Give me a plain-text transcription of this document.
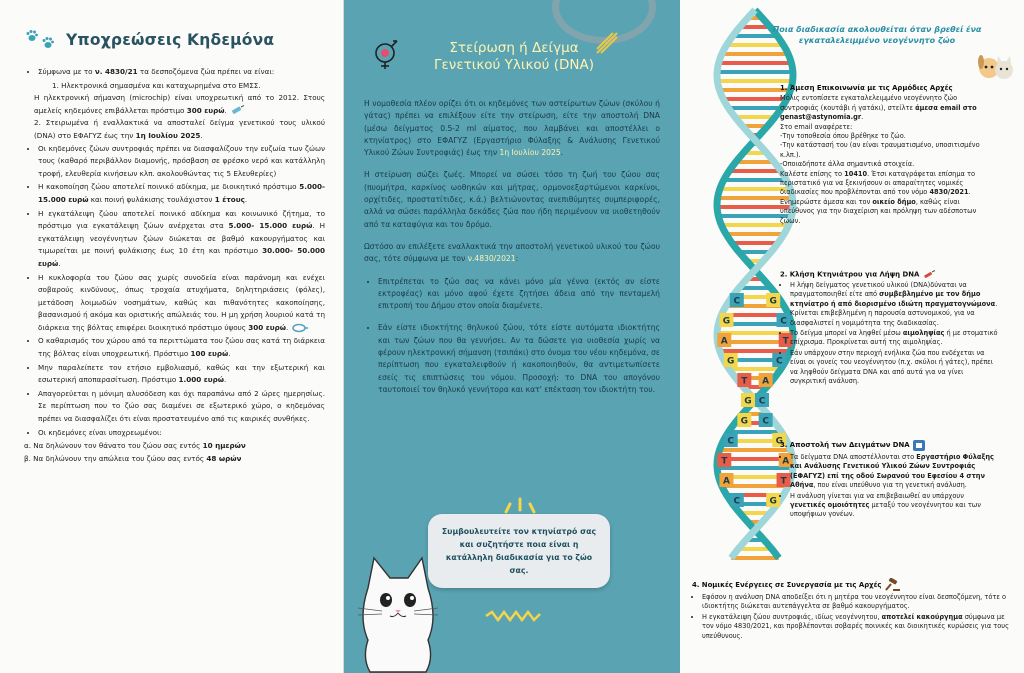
Υποχρεώσεις Κηδεμόνα
• Σύμφωνα με το ν. 4830/21 τα δεσποζόμενα ζώα πρέπει να είναι:

1. Ηλεκτρονικά σημασμένα και καταχωρημένα στο ΕΜΣΣ.

Η ηλεκτρονική σήμανση (microchip) είναι υποχρεωτική από το 2012. Στους αμελείς κηδεμόνες επιβάλλεται πρόστιμο 300 ευρώ.

2. Στειρωμένα ή εναλλακτικά να αποσταλεί δείγμα γενετικού τους υλικού (DNA) στο ΕΦΑΓΥΖ έως την 1η Ιουλίου 2025.

• Οι κηδεμόνες ζώων συντροφιάς πρέπει να διασφαλίζουν την ευζωία των ζώων τους (καθαρό περιβάλλον διαμονής, πρόσβαση σε φρέσκο νερό και κατάλληλη τροφή, ελευθερία κινήσεων κλπ. ακολουθώντας τις 5 Ελευθερίες)
• Η κακοποίηση ζώου αποτελεί ποινικό αδίκημα, με διοικητικό πρόστιμο 5.000- 15.000 ευρώ και ποινή φυλάκισης τουλάχιστον 1 έτους.
• Η εγκατάλειψη ζώου αποτελεί ποινικό αδίκημα και κοινωνικό ζήτημα, το πρόστιμο για εγκατάλειψη ζώων ανέρχεται στα 5.000- 15.000 ευρώ. Η εγκατάλειψη νεογέννητων ζώων διώκεται σε βαθμό κακουργήματος και τιμωρείται με ποινή φυλάκισης έως 10 έτη και πρόστιμο 30.000- 50.000 ευρώ.
• Η κυκλοφορία του ζώου σας χωρίς συνοδεία είναι παράνομη και ενέχει σοβαρούς κινδύνους, όπως τροχαία ατυχήματα, δηλητηριάσεις (φόλες), μετάδοση λοιμωδών νοσημάτων, καθώς και πιθανότητες κακοποίησης, βασανισμού ή ακόμα και οριστικής απώλειάς του. Η μη χρήση λουριού κατά τη διάρκεια της βόλτας επιφέρει διοικητικό πρόστιμο ύψους 300 ευρώ.
• Ο καθαρισμός του χώρου από τα περιττώματα του ζώου σας κατά τη διάρκεια της βόλτας είναι υποχρεωτική. Πρόστιμο 100 ευρώ.
• Μην παραλείπετε τον ετήσιο εμβολιασμό, καθώς και την εξωτερική και εσωτερική αποπαρασίτωση. Πρόστιμο 1.000 ευρώ.
• Απαγορεύεται η μόνιμη αλυσόδεση και όχι παραπάνω από 2 ώρες ημερησίως. Σε περίπτωση που το ζώο σας διαμένει σε εξωτερικό χώρο, ο κηδεμόνας πρέπει να διασφαλίζει ότι είναι προστατευμένο από τις καιρικές συνθήκες.
• Οι κηδεμόνες είναι υποχρεωμένοι:

α. Να δηλώνουν τον θάνατο του ζώου σας εντός 10 ημερών

β. Να δηλώνουν την απώλεια του ζώου σας εντός 48 ωρών

Στείρωση ή Δείγμα
Γενετικού Υλικού (DNA)

Η νομοθεσία πλέον ορίζει ότι οι κηδεμόνες των αστείρωτων ζώων (σκύλου ή γάτας) πρέπει να επιλέξουν είτε την στείρωση, είτε την αποστολή DNA (μέσω δείγματος 0.5-2 ml αίματος, που λαμβάνει και αποστέλλει ο κτηνίατρος) στο ΕΦΑΓΥΖ (Εργαστήριο Φύλαξης & Ανάλυσης Γενετικού Υλικού Ζώων Συντροφιάς) έως την 1η Ιουλίου 2025.

Η στείρωση σώζει ζωές. Μπορεί να σώσει τόσο τη ζωή του ζώου σας (πυομήτρα, καρκίνος ωοθηκών και μήτρας, ορμονοεξαρτώμενοι καρκίνοι, ορχίτιδες, προστατίτιδες, κ.ά.) βελτιώνοντας ανεπιθύμητες συμπεριφορές, αλλά να σώσει παράλληλα δεκάδες ζώα που ήδη περιμένουν να υιοθετηθούν από τα καταφύγια και τον δρόμο.

Ωστόσο αν επιλέξετε εναλλακτικά την αποστολή γενετικού υλικού του ζώου σας, τότε σύμφωνα με τον ν.4830/2021:

• Επιτρέπεται το ζώο σας να κάνει μόνο μία γέννα (εκτός αν είστε εκτροφέας) και μόνο αφού έχετε ζητήσει άδεια από την πενταμελή επιτροπή του Δήμου στον οποία διαμένετε.
• Εάν είστε ιδιοκτήτης θηλυκού ζώου, τότε είστε αυτόματα ιδιοκτήτης και των ζώων που θα γεννήσει. Αν τα δώσετε για υιοθεσία χωρίς να φέρουν ηλεκτρονική σήμανση (τσιπάκι) στο όνομα του νέου κηδεμόνα, σε περίπτωση που εγκαταλειφθούν ή κακοποιηθούν, θα αντιμετωπίσετε εσείς τις επιπτώσεις του νόμου. Προσοχή: το DNA του απογόνου ταυτοποιεί τον θηλυκό γεννήτορα και κατ' επέκταση τον ιδιοκτήτη του.
Συμβουλευτείτε τον κτηνίατρό σας και συζητήστε ποια είναι η κατάλληλη διαδικασία για το ζώο σας.
C	G
G	C
A	T
G	C
T A
C
G
G C
C	G
T	A
A	T
C	G
Ποια διαδικασία ακολουθείται όταν βρεθεί ένα εγκαταλελειμμένο νεογέννητο ζώο
1. Άμεση Επικοινωνία με τις Αρμόδιες Αρχές

Μόλις εντοπίσετε εγκαταλελειμμένο νεογέννητο ζώο συντροφιάς (κουτάβι ή γατάκι), στείλτε άμεσα email στο genast@astynomia.gr.

Στο email αναφέρετε:

-Την τοποθεσία όπου βρέθηκε το ζώο.

-Την κατάστασή του (αν είναι τραυματισμένο, υποσιτισμένο κ.λπ.).

-Οποιαδήποτε άλλα σημαντικά στοιχεία.

Καλέστε επίσης το 10410. Έτσι καταγράφεται επίσημα το περιστατικό για να ξεκινήσουν οι απαραίτητες νομικές διαδικασίες που προβλέπονται από τον νόμο 4830/2021.

Ενημερώστε άμεσα και τον οικείο δήμο, καθώς είναι υπεύθυνος για την διαχείριση και πρόληψη των αδέσποτων ζώων.

2. Κλήση Κτηνιάτρου για Λήψη DNA
• Η λήψη δείγματος γενετικού υλικού (DNA)δύναται να πραγματοποιηθεί είτε από συμβεβλημένο με τον δήμο κτηνίατρο ή από διορισμένο ιδιώτη πραγματογνώμονα. Κρίνεται επιβεβλημένη η παρουσία αστυνομικού, για να διασφαλιστεί η νομιμότητα της διαδικασίας.
• Το δείγμα μπορεί να ληφθεί μέσω αιμοληψίας ή με στοματικό επίχρισμα. Προκρίνεται αυτή της αιμοληψίας.
• Εάν υπάρχουν στην περιοχή ενήλικα ζώα που ενδέχεται να είναι οι γονείς του νεογέννητου (π.χ. σκύλοι ή γάτες), πρέπει να ληφθούν δείγματα DNA και από αυτά για να γίνει συγκριτική ανάλυση.
3. Αποστολή των Δειγμάτων DNA
• Τα δείγματα DNA αποστέλλονται στο Εργαστήριο Φύλαξης και Ανάλυσης Γενετικού Υλικού Ζώων Συντροφιάς (ΕΦΑΓΥΖ) επί της οδού Σωρανού του Εφεσίου 4 στην Αθήνα, που είναι υπεύθυνο για τη γενετική ανάλυση.
• Η ανάλυση γίνεται για να επιβεβαιωθεί αν υπάρχουν γενετικές ομοιότητες μεταξύ του νεογέννητου και των υποψήφιων γονέων.
4. Νομικές Ενέργειες σε Συνεργασία με τις Αρχές
• Εφόσον η ανάλυση DNA αποδείξει ότι η μητέρα του νεογέννητου είναι δεσποζόμενη, τότε ο ιδιοκτήτης διώκεται αυτεπάγγελτα σε βαθμό κακουργήματος.
• Η εγκατάλειψη ζώου συντροφιάς, ιδίως νεογέννητου, αποτελεί κακούργημα σύμφωνα με τον νόμο 4830/2021, και προβλέπονται σοβαρές ποινικές και διοικητικές κυρώσεις για τους υπεύθυνους.
